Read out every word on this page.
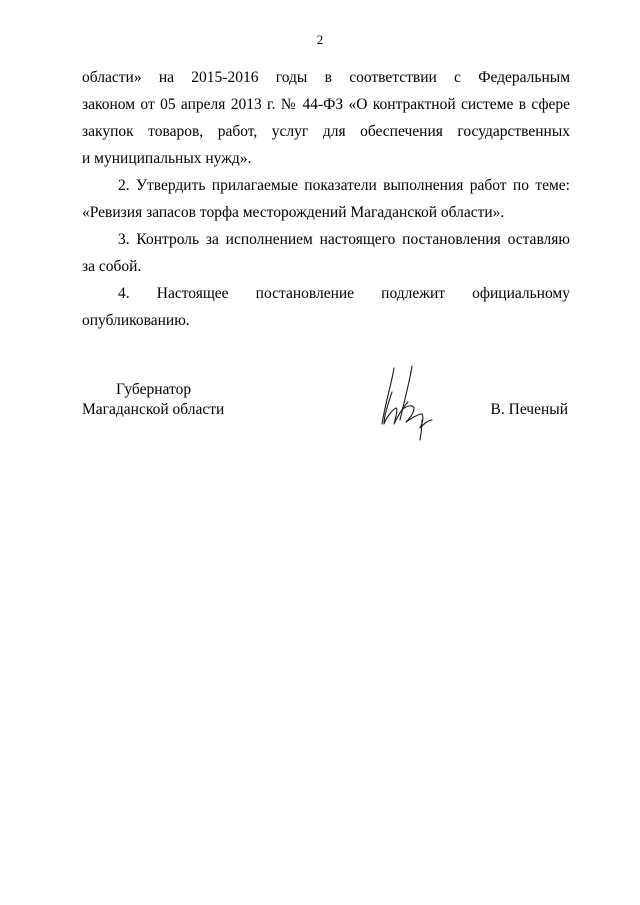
2
области» на 2015-2016 годы в соответствии с Федеральным
законом от 05 апреля 2013 г. № 44-ФЗ «О контрактной системе в сфере
закупок товаров, работ, услуг для обеспечения государственных
и муниципальных нужд».
2. Утвердить прилагаемые показатели выполнения работ по теме:
«Ревизия запасов торфа месторождений Магаданской области».
3. Контроль за исполнением настоящего постановления оставляю
за собой.
4. Настоящее постановление подлежит официальному
опубликованию.
Губернатор
Магаданской области	В. Печеный
